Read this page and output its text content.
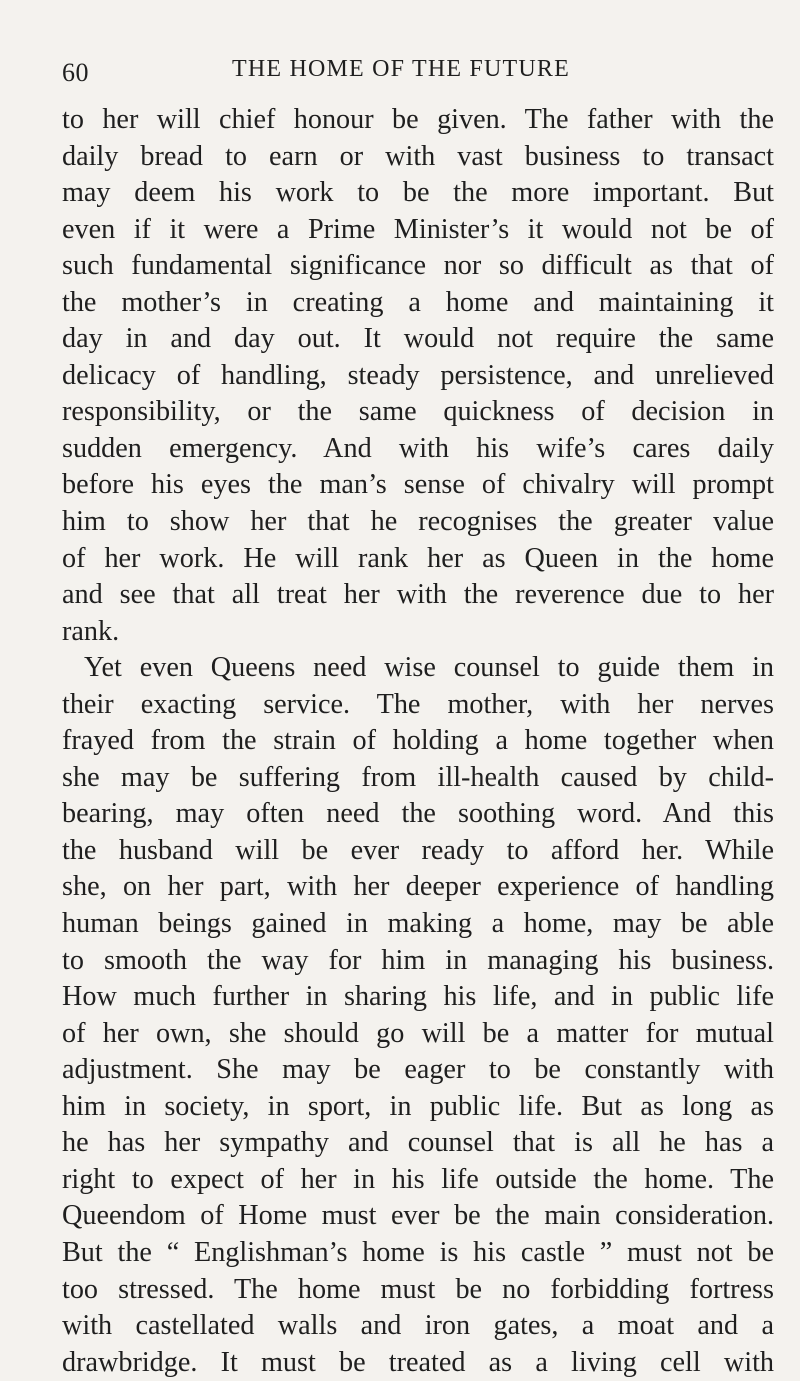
60	THE HOME OF THE FUTURE
to her will chief honour be given. The father with the
daily bread to earn or with vast business to transact
may deem his work to be the more important. But
even if it were a Prime Minister’s it would not be of
such fundamental significance nor so difficult as that of
the mother’s in creating a home and maintaining it
day in and day out. It would not require the same
delicacy of handling, steady persistence, and unrelieved
responsibility, or the same quickness of decision in
sudden emergency. And with his wife’s cares daily
before his eyes the man’s sense of chivalry will prompt
him to show her that he recognises the greater value
of her work. He will rank her as Queen in the home
and see that all treat her with the reverence due to her
rank.
Yet even Queens need wise counsel to guide them in
their exacting service. The mother, with her nerves
frayed from the strain of holding a home together when
she may be suffering from ill-health caused by child-
bearing, may often need the soothing word. And this
the husband will be ever ready to afford her. While
she, on her part, with her deeper experience of handling
human beings gained in making a home, may be able
to smooth the way for him in managing his business.
How much further in sharing his life, and in public life
of her own, she should go will be a matter for mutual
adjustment. She may be eager to be constantly with
him in society, in sport, in public life. But as long as
he has her sympathy and counsel that is all he has a
right to expect of her in his life outside the home. The
Queendom of Home must ever be the main consideration.
But the “ Englishman’s home is his castle ” must not be
too stressed. The home must be no forbidding fortress
with castellated walls and iron gates, a moat and a
drawbridge. It must be treated as a living cell with
